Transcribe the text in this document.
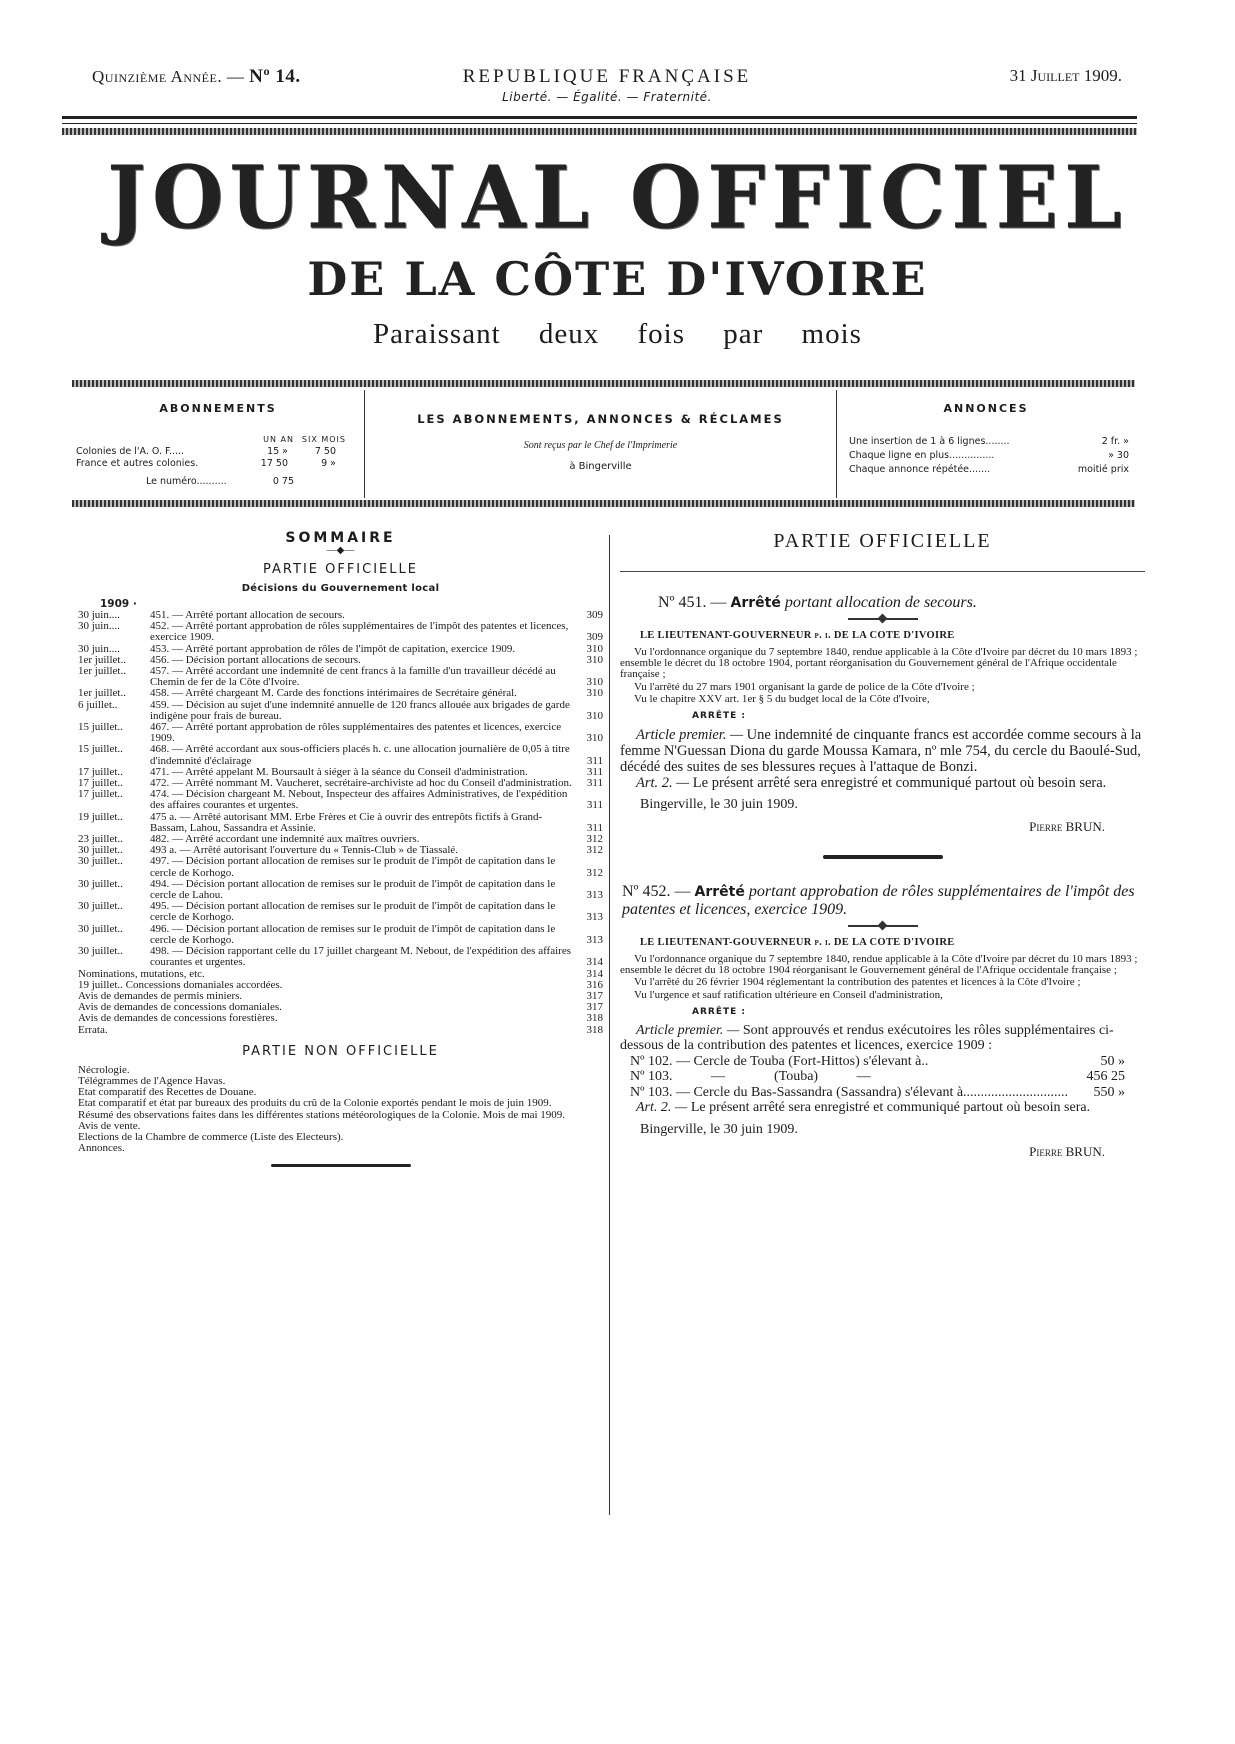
Quinzième Année. — Nº 14.	REPUBLIQUE FRANÇAISE
Liberté. — Égalité. — Fraternité.
31 Juillet 1909.
JOURNAL OFFICIEL
DE LA CÔTE D'IVOIRE
Paraissant deux fois par mois
ABONNEMENTS
UN AN SIX MOIS
Colonies de l'A. O. F.....	15 »	7 50
France et autres colonies.	17 50	9 »
Le numéro..........	0 75
LES ABONNEMENTS, ANNONCES & RÉCLAMES
Sont reçus par le Chef de l'Imprimerie
à Bingerville
ANNONCES
Une insertion de 1 à 6 lignes........	2 fr. »
Chaque ligne en plus...............	» 30
Chaque annonce répétée.......	moitié prix
SOMMAIRE
—◆—
PARTIE OFFICIELLE
Décisions du Gouvernement local
1909 ·
30 juin....	451. — Arrêté portant allocation de secours.	309
30 juin....	452. — Arrêté portant approbation de rôles supplémentaires de l'impôt des patentes et licences, exercice 1909.	309
30 juin....	453. — Arrêté portant approbation de rôles de l'impôt de capitation, exercice 1909.	310
1er juillet..	456. — Décision portant allocations de secours.	310
1er juillet..	457. — Arrêté accordant une indemnité de cent francs à la famille d'un travailleur décédé au Chemin de fer de la Côte d'Ivoire.	310
1er juillet..	458. — Arrêté chargeant M. Carde des fonctions intérimaires de Secrétaire général.	310
6 juillet..	459. — Décision au sujet d'une indemnité annuelle de 120 francs allouée aux brigades de garde indigène pour frais de bureau.	310
15 juillet..	467. — Arrêté portant approbation de rôles supplémentaires des patentes et licences, exercice 1909.	310
15 juillet..	468. — Arrêté accordant aux sous-officiers placés h. c. une allocation journalière de 0,05 à titre d'indemnité d'éclairage	311
17 juillet..	471. — Arrêté appelant M. Boursault à siéger à la séance du Conseil d'administration.	311
17 juillet..	472. — Arrêté nommant M. Vaucheret, secrétaire-archiviste ad hoc du Conseil d'administration.	311
17 juillet..	474. — Décision chargeant M. Nebout, Inspecteur des affaires Administratives, de l'expédition des affaires courantes et urgentes.	311
19 juillet..	475 a. — Arrêté autorisant MM. Erbe Frères et Cie à ouvrir des entrepôts fictifs à Grand-Bassam, Lahou, Sassandra et Assinie.	311
23 juillet..	482. — Arrêté accordant une indemnité aux maîtres ouvriers.	312
30 juillet..	493 a. — Arrêté autorisant l'ouverture du « Tennis-Club » de Tiassalé.	312
30 juillet..	497. — Décision portant allocation de remises sur le produit de l'impôt de capitation dans le cercle de Korhogo.	312
30 juillet..	494. — Décision portant allocation de remises sur le produit de l'impôt de capitation dans le cercle de Lahou.	313
30 juillet..	495. — Décision portant allocation de remises sur le produit de l'impôt de capitation dans le cercle de Korhogo.	313
30 juillet..	496. — Décision portant allocation de remises sur le produit de l'impôt de capitation dans le cercle de Korhogo.	313
30 juillet..	498. — Décision rapportant celle du 17 juillet chargeant M. Nebout, de l'expédition des affaires courantes et urgentes.	314
Nominations, mutations, etc.	314
19 juillet.. Concessions domaniales accordées.	316
Avis de demandes de permis miniers.	317
Avis de demandes de concessions domaniales.	317
Avis de demandes de concessions forestières.	318
Errata.	318
PARTIE NON OFFICIELLE
Nécrologie.
Télégrammes de l'Agence Havas.
Etat comparatif des Recettes de Douane.
Etat comparatif et état par bureaux des produits du crû de la Colonie exportés pendant le mois de juin 1909.
Résumé des observations faites dans les différentes stations météorologiques de la Colonie. Mois de mai 1909.
Avis de vente.
Elections de la Chambre de commerce (Liste des Electeurs).
Annonces.
PARTIE OFFICIELLE
Nº 451. — Arrêté portant allocation de secours.
LE LIEUTENANT-GOUVERNEUR p. i. DE LA COTE D'IVOIRE
Vu l'ordonnance organique du 7 septembre 1840, rendue applicable à la Côte d'Ivoire par décret du 10 mars 1893 ; ensemble le décret du 18 octobre 1904, portant réorganisation du Gouvernement général de l'Afrique occidentale française ;
Vu l'arrêté du 27 mars 1901 organisant la garde de police de la Côte d'Ivoire ;
Vu le chapitre XXV art. 1er § 5 du budget local de la Côte d'Ivoire,
ARRÊTE :
Article premier. — Une indemnité de cinquante francs est accordée comme secours à la femme N'Guessan Diona du garde Moussa Kamara, nº mle 754, du cercle du Baoulé-Sud, décédé des suites de ses blessures reçues à l'attaque de Bonzi.
Art. 2. — Le présent arrêté sera enregistré et communiqué partout où besoin sera.
Bingerville, le 30 juin 1909.
Pierre BRUN.
Nº 452. — Arrêté portant approbation de rôles supplémentaires de l'impôt des patentes et licences, exercice 1909.
LE LIEUTENANT-GOUVERNEUR p. i. DE LA COTE D'IVOIRE
Vu l'ordonnance organique du 7 septembre 1840, rendue applicable à la Côte d'Ivoire par décret du 10 mars 1893 ; ensemble le décret du 18 octobre 1904 réorganisant le Gouvernement général de l'Afrique occidentale française ;
Vu l'arrêté du 26 février 1904 réglementant la contribution des patentes et licences à la Côte d'Ivoire ;
Vu l'urgence et sauf ratification ultérieure en Conseil d'administration,
ARRÊTE :
Article premier. — Sont approuvés et rendus exécutoires les rôles supplémentaires ci-dessous de la contribution des patentes et licences, exercice 1909 :
Nº 102. — Cercle de Touba (Fort-Hittos) s'élevant à..	50 »
Nº 103.           —              (Touba)           —	456 25
Nº 103. — Cercle du Bas-Sassandra (Sassandra) s'élevant à.............................. 550 »
Art. 2. — Le présent arrêté sera enregistré et communiqué partout où besoin sera.
Bingerville, le 30 juin 1909.
Pierre BRUN.
